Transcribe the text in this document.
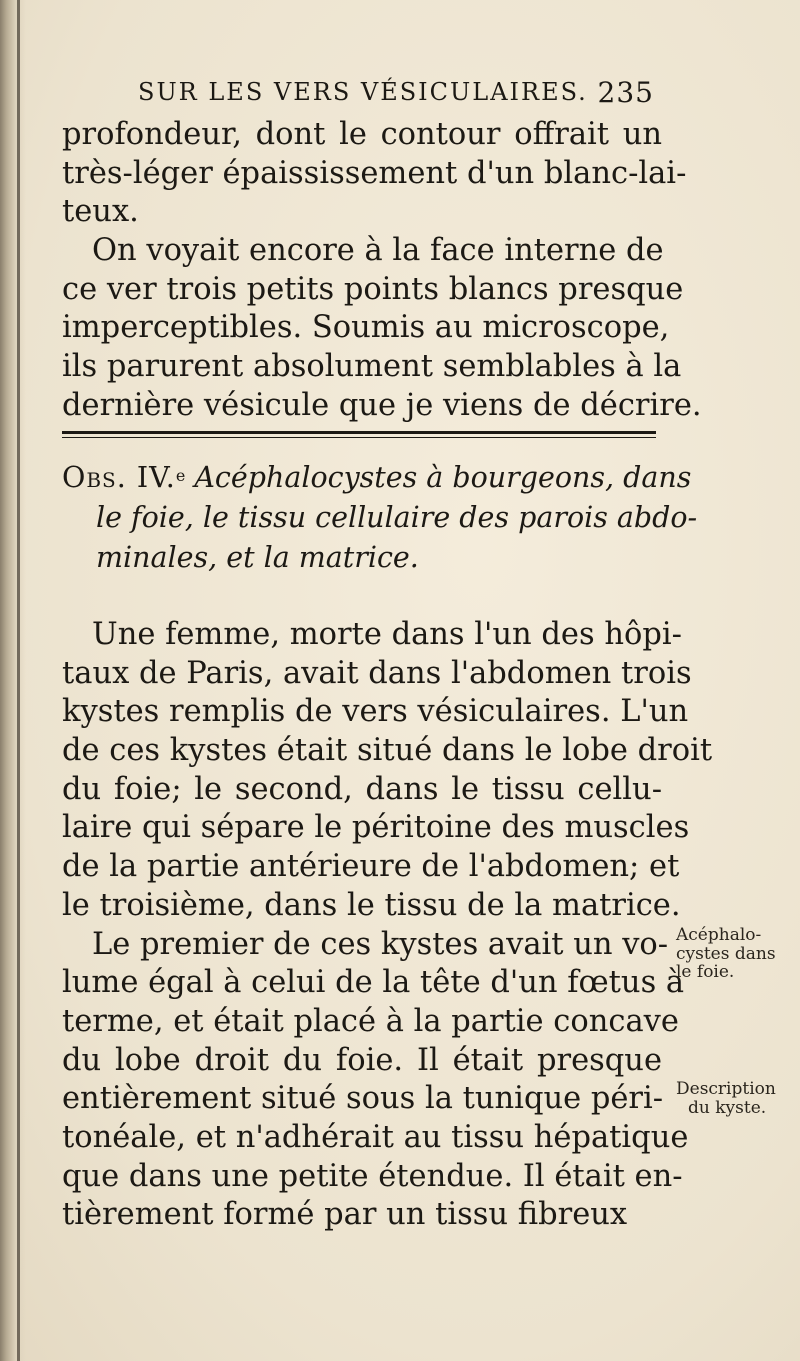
SUR LES VERS VÉSICULAIRES. 235
profondeur, dont le contour offrait un
très-léger épaississement d'un blanc-lai-
teux.
On voyait encore à la face interne de
ce ver trois petits points blancs presque
imperceptibles. Soumis au microscope,
ils parurent absolument semblables à la
dernière vésicule que je viens de décrire.
Obs. IV.$^e$ Acéphalocystes à bourgeons, dans
le foie, le tissu cellulaire des parois abdo-
minales, et la matrice.
Une femme, morte dans l'un des hôpi-
taux de Paris, avait dans l'abdomen trois
kystes remplis de vers vésiculaires. L'un
de ces kystes était situé dans le lobe droit
du foie; le second, dans le tissu cellu-
laire qui sépare le péritoine des muscles
de la partie antérieure de l'abdomen; et
le troisième, dans le tissu de la matrice.
Le premier de ces kystes avait un vo-
lume égal à celui de la tête d'un fœtus à
terme, et était placé à la partie concave
du lobe droit du foie. Il était presque
entièrement situé sous la tunique péri-
tonéale, et n'adhérait au tissu hépatique
que dans une petite étendue. Il était en-
tièrement formé par un tissu fibreux
Acéphalo-
cystes dans
le foie.
Description
du kyste.
